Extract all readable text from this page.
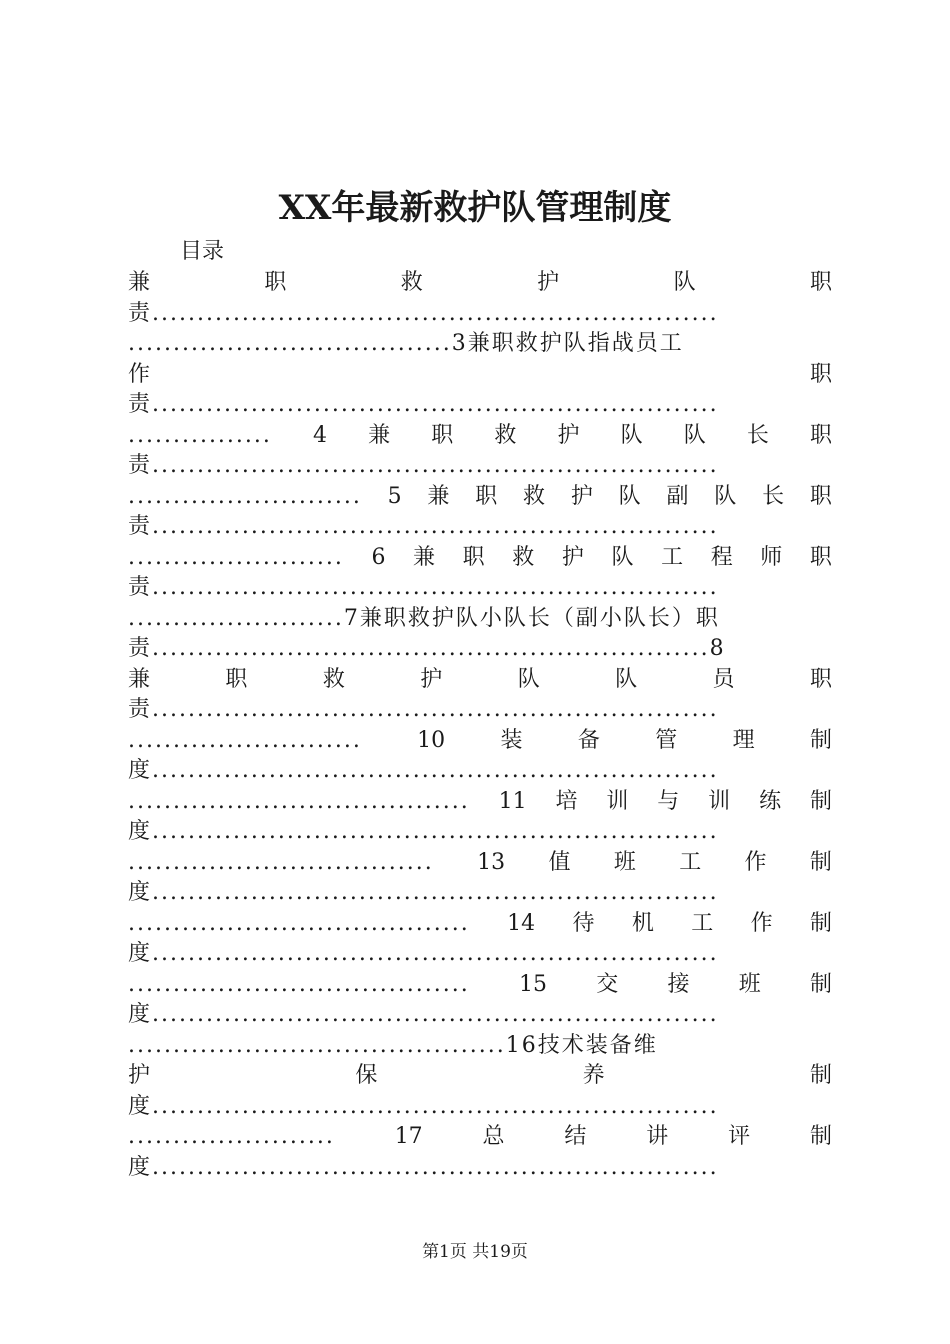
XX年最新救护队管理制度
目录
兼	职	救	护	队	职
责...............................................................
....................................3兼职救护队指战员工
作	职
责...............................................................
................ 4 兼 职 救 护 队 队 长 职
责...............................................................
.......................... 5 兼 职 救 护 队 副 队 长 职
责...............................................................
........................ 6 兼 职 救 护 队 工 程 师 职
责...............................................................
........................7兼职救护队小队长（副小队长）职
责..............................................................8
兼	职	救	护	队	队	员	职
责...............................................................
..........................	10	装	备	管	理	制
度...............................................................
...................................... 11 培 训 与 训 练 制
度...............................................................
.................................. 13 值 班 工 作 制
度...............................................................
...................................... 14 待 机 工 作 制
度...............................................................
...................................... 15 交 接 班 制
度...............................................................
..........................................16技术装备维
护	保	养	制
度...............................................................
.......................	17	总	结	讲	评	制
度...............................................................
第1页 共19页
